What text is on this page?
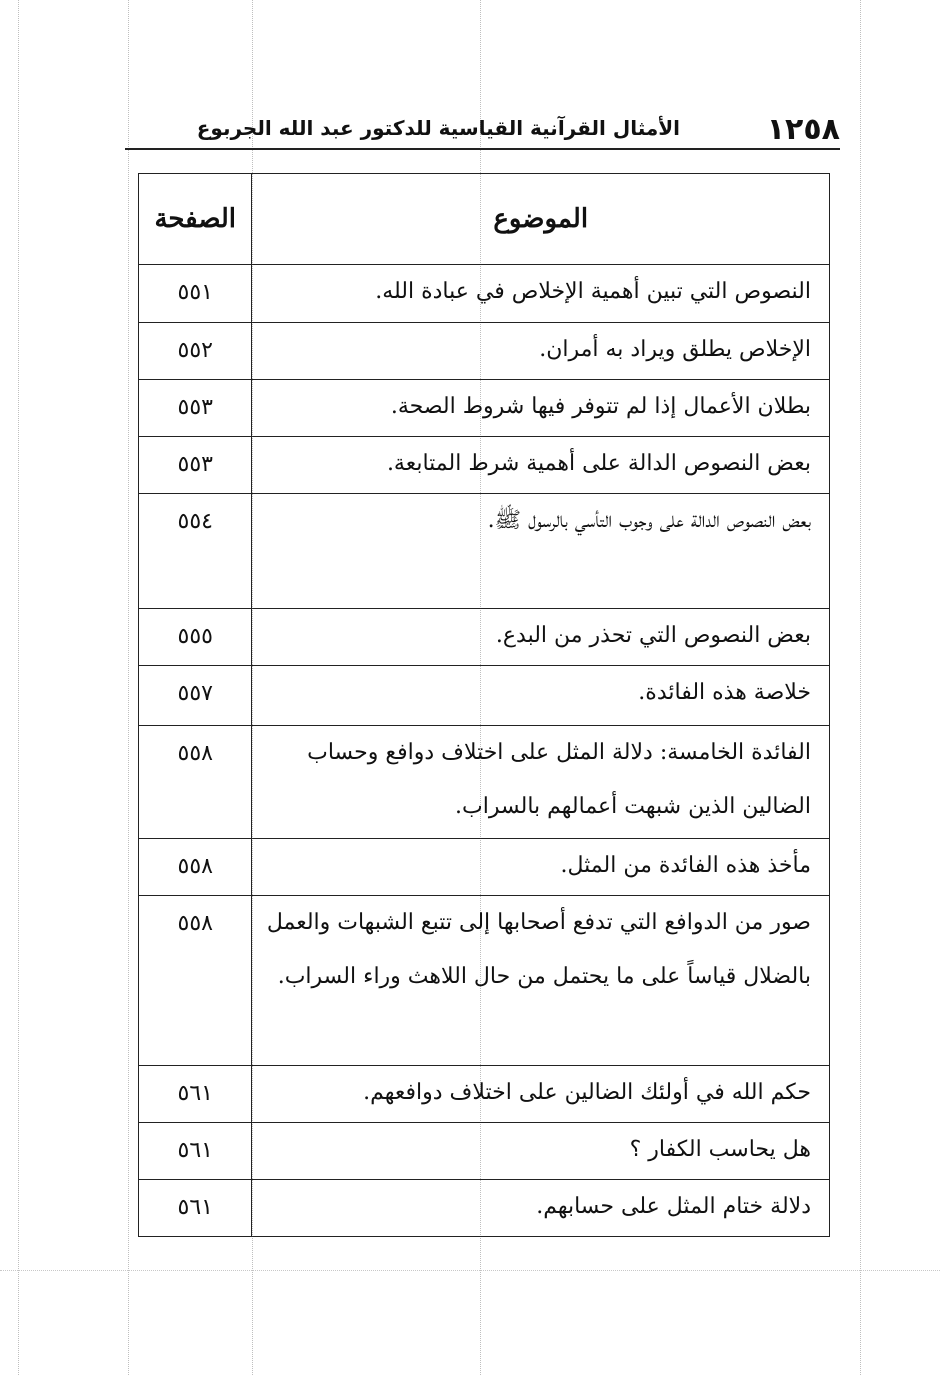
١٢٥٨
الأمثال القرآنية القياسية للدكتور عبد الله الجربوع
الموضوع	الصفحة
النصوص التي تبين أهمية الإخلاص في عبادة الله.	٥٥١
الإخلاص يطلق ويراد به أمران.	٥٥٢
بطلان الأعمال إذا لم تتوفر فيها شروط الصحة.	٥٥٣
بعض النصوص الدالة على أهمية شرط المتابعة.	٥٥٣
بعض النصوص الدالة على وجوب التأسي بالرسول ﷺ.	٥٥٤
بعض النصوص التي تحذر من البدع.	٥٥٥
خلاصة هذه الفائدة.	٥٥٧
الفائدة الخامسة: دلالة المثل على اختلاف دوافع وحساب الضالين الذين شبهت أعمالهم بالسراب.	٥٥٨
مأخذ هذه الفائدة من المثل.	٥٥٨
صور من الدوافع التي تدفع أصحابها إلى تتبع الشبهات والعمل بالضلال قياساً على ما يحتمل من حال اللاهث وراء السراب.	٥٥٨
حكم الله في أولئك الضالين على اختلاف دوافعهم.	٥٦١
هل يحاسب الكفار ؟	٥٦١
دلالة ختام المثل على حسابهم.	٥٦١
